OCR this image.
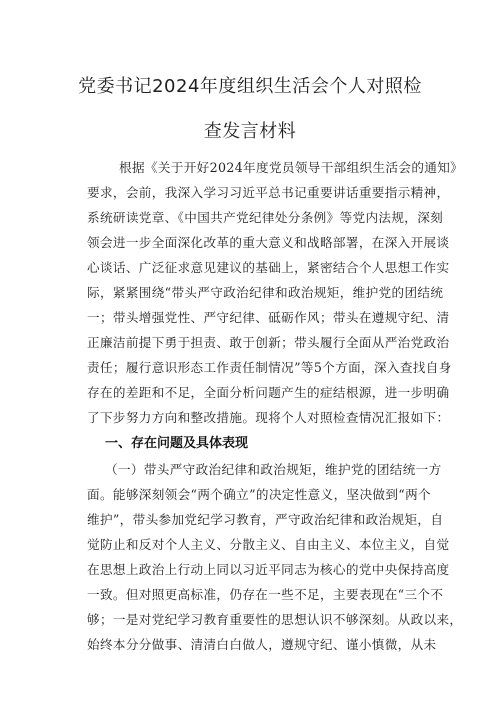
党委书记2024年度组织生活会个人对照检
查发言材料
根据《关于开好2024年度党员领导干部组织生活会的通知》
要求，会前，我深入学习习近平总书记重要讲话重要指示精神，
系统研读党章、《中国共产党纪律处分条例》等党内法规，深刻
领会进一步全面深化改革的重大意义和战略部署，在深入开展谈
心谈话、广泛征求意见建议的基础上，紧密结合个人思想工作实
际，紧紧围绕“带头严守政治纪律和政治规矩，维护党的团结统
一；带头增强党性、严守纪律、砥砺作风；带头在遵规守纪、清
正廉洁前提下勇于担责、敢于创新；带头履行全面从严治党政治
责任；履行意识形态工作责任制情况”等5个方面，深入查找自身
存在的差距和不足，全面分析问题产生的症结根源，进一步明确
了下步努力方向和整改措施。现将个人对照检查情况汇报如下：
一、存在问题及具体表现
（一）带头严守政治纪律和政治规矩，维护党的团结统一方
面。能够深刻领会“两个确立”的决定性意义，坚决做到“两个
维护”，带头参加党纪学习教育，严守政治纪律和政治规矩，自
觉防止和反对个人主义、分散主义、自由主义、本位主义，自觉
在思想上政治上行动上同以习近平同志为核心的党中央保持高度
一致。但对照更高标准，仍存在一些不足，主要表现在“三个不
够；一是对党纪学习教育重要性的思想认识不够深刻。从政以来，
始终本分分做事、清清白白做人，遵规守纪、谨小慎微，从未
